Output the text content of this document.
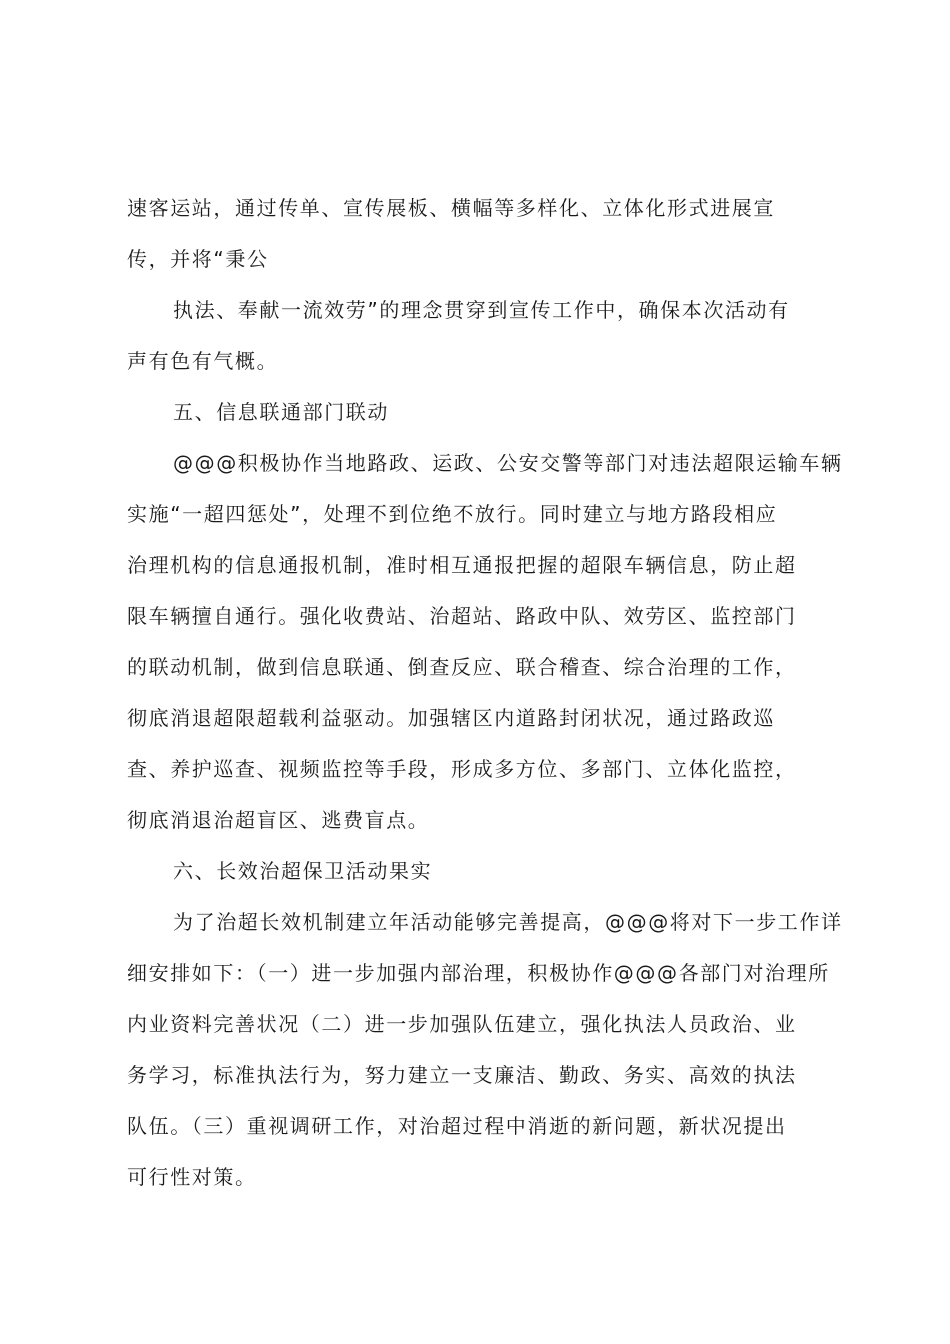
速客运站，通过传单、宣传展板、横幅等多样化、立体化形式进展宣
传，并将“秉公
执法、奉献一流效劳”的理念贯穿到宣传工作中，确保本次活动有
声有色有气概。
五、信息联通部门联动
@@@积极协作当地路政、运政、公安交警等部门对违法超限运输车辆
实施“一超四惩处”，处理不到位绝不放行。同时建立与地方路段相应
治理机构的信息通报机制，准时相互通报把握的超限车辆信息，防止超
限车辆擅自通行。强化收费站、治超站、路政中队、效劳区、监控部门
的联动机制，做到信息联通、倒查反应、联合稽查、综合治理的工作，
彻底消退超限超载利益驱动。加强辖区内道路封闭状况，通过路政巡
查、养护巡查、视频监控等手段，形成多方位、多部门、立体化监控，
彻底消退治超盲区、逃费盲点。
六、长效治超保卫活动果实
为了治超长效机制建立年活动能够完善提高，@@@将对下一步工作详
细安排如下：（一）进一步加强内部治理，积极协作@@@各部门对治理所
内业资料完善状况（二）进一步加强队伍建立，强化执法人员政治、业
务学习，标准执法行为，努力建立一支廉洁、勤政、务实、高效的执法
队伍。（三）重视调研工作，对治超过程中消逝的新问题，新状况提出
可行性对策。
